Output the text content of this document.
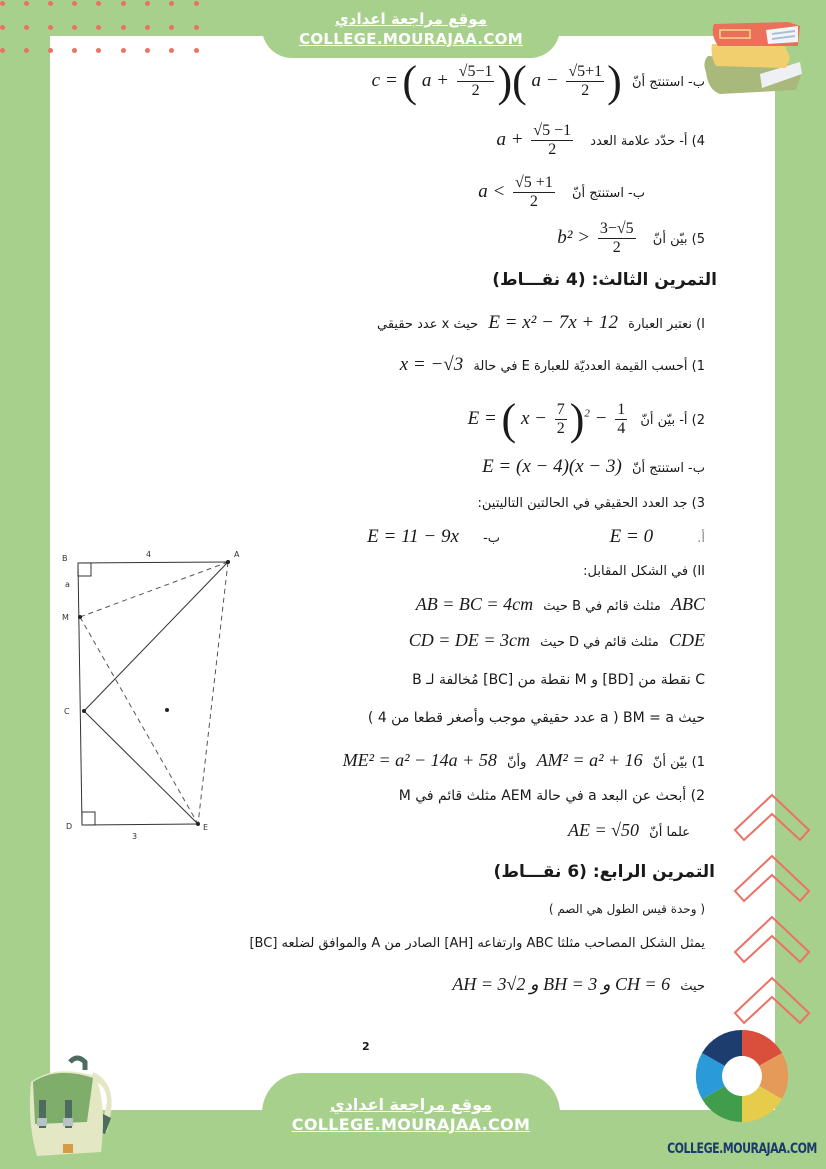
موقع مراجعة اعدادي
COLLEGE.MOURAJAA.COM
ب- استنتج أنّ c = ( $a + \frac{√5-1}{2}$ )( $a - \frac{√5+1}{2}$ )
4) أ- حدّد علامة العدد $a + \frac{√5 -1}{2}$
ب- استنتج أنّ $a < \frac{√5 +1}{2}$
5) بيّن أنّ $b^2 > \frac{3-√5}{2}$
التمرين الثالث: (4 نقـــاط)
I) نعتبر العبارة E = x² − 7x + 12 حيث x عدد حقيقي
1) أحسب القيمة العدديّة للعبارة E في حالة x = −√3
2) أ- بيّن أنّ E = ( $x - \frac{7}{2} )^2 - \frac{1}{4}$
ب- استنتج أنّ E = (x − 4)(x − 3)
3) جد العدد الحقيقي في الحالتين التاليتين:
أ. E = 0
ب- E = 11 − 9x
II) في الشكل المقابل:
ABC مثلث قائم في B حيث AB = BC = 4cm
CDE مثلث قائم في D حيث CD = DE = 3cm
C نقطة من [BD] و M نقطة من [BC] مُخالفة لـ B
حيث BM = a ( a عدد حقيقي موجب وأصغر قطعا من 4 )
1) بيّن أنّ AM² = a² + 16 وأنّ ME² = a² − 14a + 58
2) أبحث عن البعد a في حالة AEM مثلث قائم في M
علما أنّ AE = √50
التمرين الرابع: (6 نقـــاط)
( وحدة قيس الطول هي الصم )
يمثل الشكل المصاحب مثلثا ABC وارتفاعه [AH] الصادر من A والموافق لضلعه [BC]
حيث AH = 3√2 و BH = 3 و CH = 6
B	A
M
a
C
D	E
4
3
2
موقع مراجعة اعدادي
COLLEGE.MOURAJAA.COM
COLLEGE.MOURAJAA.COM
